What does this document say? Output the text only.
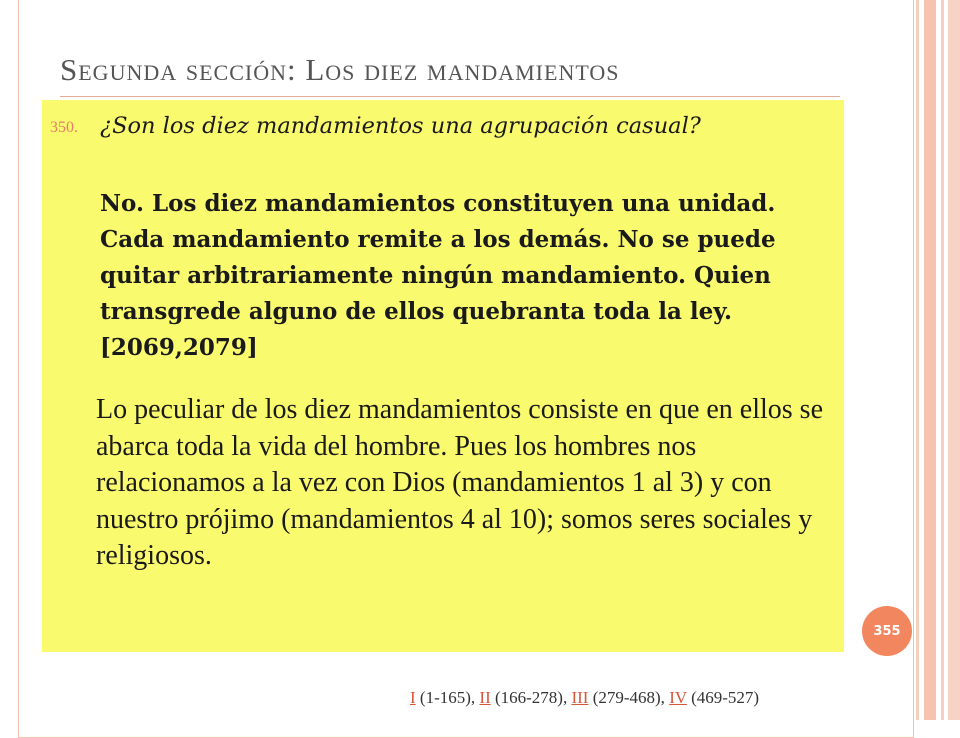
Segunda sección: Los diez mandamientos
350. ¿Son los diez mandamientos una agrupación casual?
No. Los diez mandamientos constituyen una unidad. Cada mandamiento remite a los demás. No se puede quitar arbitrariamente ningún mandamiento. Quien transgrede alguno de ellos quebranta toda la ley. [2069,2079]
Lo peculiar de los diez mandamientos consiste en que en ellos se abarca toda la vida del hombre. Pues los hombres nos relacionamos a la vez con Dios (mandamientos 1 al 3) y con nuestro prójimo (mandamientos 4 al 10); somos seres sociales y religiosos.
355
I (1-165), II (166-278), III (279-468), IV (469-527)
